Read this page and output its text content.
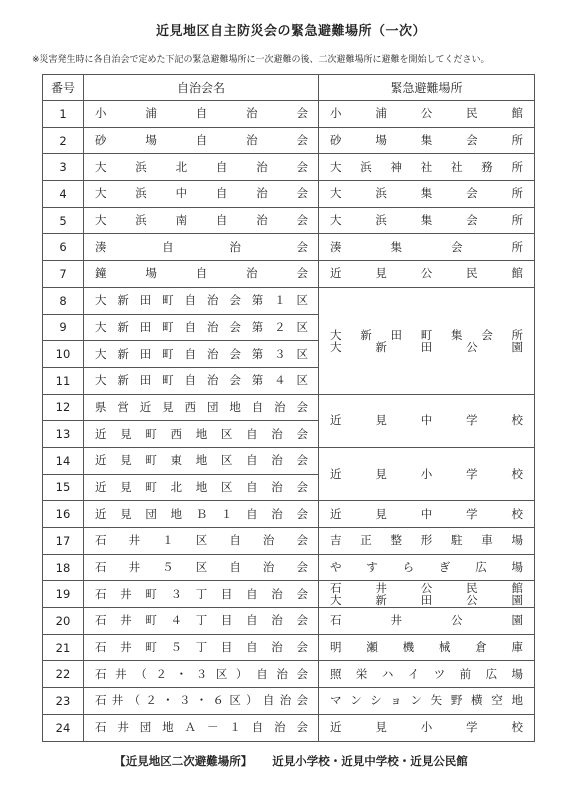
近見地区自主防災会の緊急避難場所（一次）
※災害発生時に各自治会で定めた下記の緊急避難場所に一次避難の後、二次避難場所に避難を開始してください。
番号	自治会名	緊急避難場所
1	小浦自治会	小浦公民館

2	砂場自治会	砂場集会所

3	大浜北自治会	大浜神社社務所

4	大浜中自治会	大浜集会所

5	大浜南自治会	大浜集会所

6	湊自治会	湊集会所

7	鐘場自治会	近見公民館

8	大新田町自治会第１区	大新田町集会所
大新田公園

9	大新田町自治会第２区	

10	大新田町自治会第３区	

11	大新田町自治会第４区	

12	県営近見西団地自治会	近見中学校

13	近見町西地区自治会	

14	近見町東地区自治会	近見小学校

15	近見町北地区自治会	

16	近見団地Ｂ１自治会	近見中学校

17	石井１区自治会	吉正整形駐車場

18	石井５区自治会	やすらぎ広場

19	石井町３丁目自治会	石井公民館
大新田公園

20	石井町４丁目自治会	石井公園

21	石井町５丁目自治会	明瀬機械倉庫

22	石井（２・３区）自治会	照栄ハイツ前広場

23	石井（２・３・６区）自治会	マンション矢野横空地

24	石井団地Ａ－１自治会	近見小学校
【近見地区二次避難場所】 近見小学校・近見中学校・近見公民館
